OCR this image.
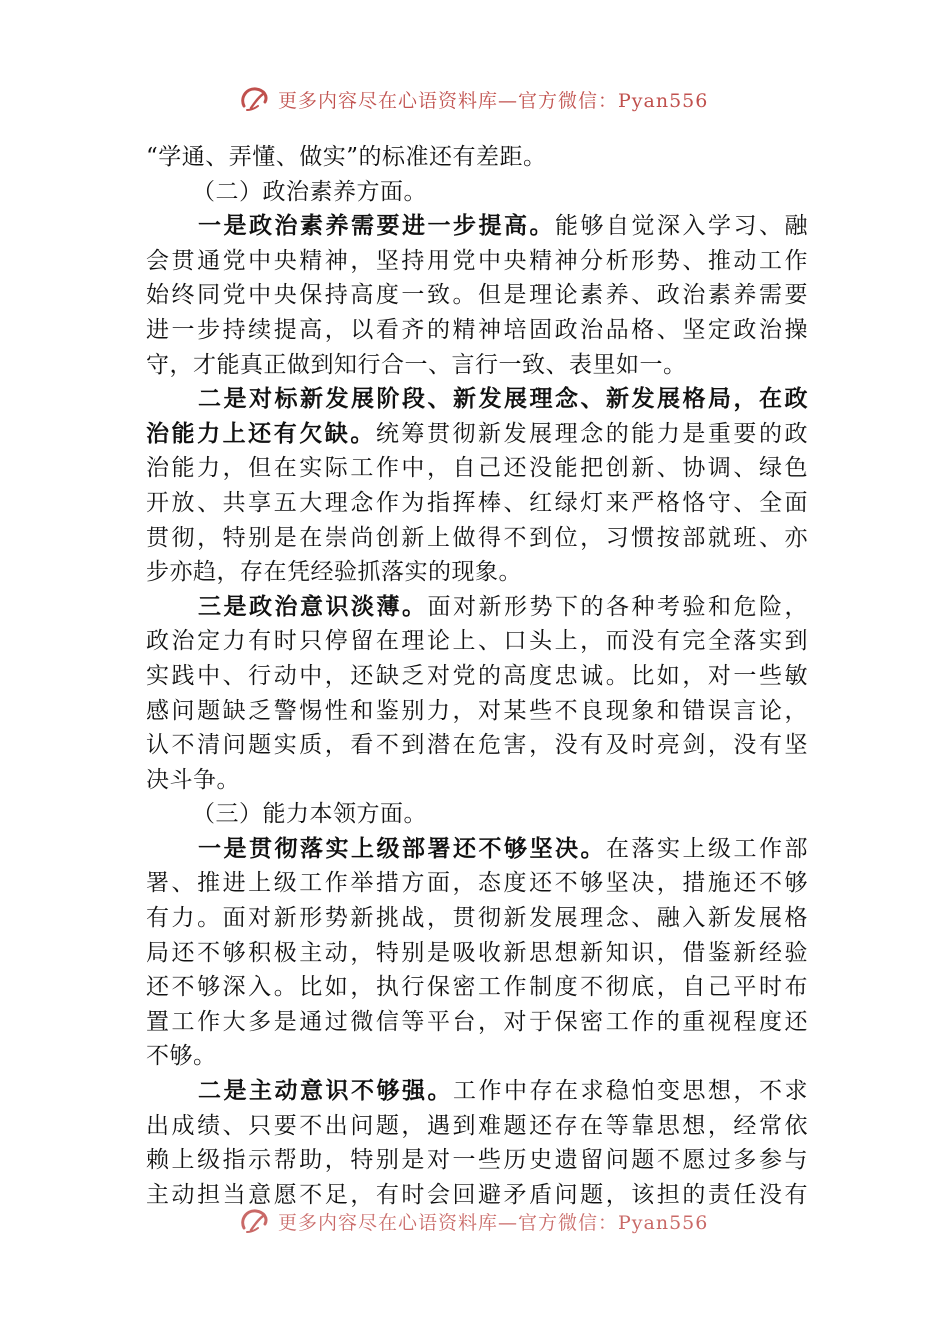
更多内容尽在心语资料库—官方微信：Pyan556
“学通、弄懂、做实”的标准还有差距。
（二）政治素养方面。
一是政治素养需要进一步提高。能够自觉深入学习、融
会贯通党中央精神，坚持用党中央精神分析形势、推动工作
始终同党中央保持高度一致。但是理论素养、政治素养需要
进一步持续提高，以看齐的精神培固政治品格、坚定政治操
守，才能真正做到知行合一、言行一致、表里如一。
二是对标新发展阶段、新发展理念、新发展格局，在政
治能力上还有欠缺。统筹贯彻新发展理念的能力是重要的政
治能力，但在实际工作中，自己还没能把创新、协调、绿色
开放、共享五大理念作为指挥棒、红绿灯来严格恪守、全面
贯彻，特别是在崇尚创新上做得不到位，习惯按部就班、亦
步亦趋，存在凭经验抓落实的现象。
三是政治意识淡薄。面对新形势下的各种考验和危险，
政治定力有时只停留在理论上、口头上，而没有完全落实到
实践中、行动中，还缺乏对党的高度忠诚。比如，对一些敏
感问题缺乏警惕性和鉴别力，对某些不良现象和错误言论，
认不清问题实质，看不到潜在危害，没有及时亮剑，没有坚
决斗争。
（三）能力本领方面。
一是贯彻落实上级部署还不够坚决。在落实上级工作部
署、推进上级工作举措方面，态度还不够坚决，措施还不够
有力。面对新形势新挑战，贯彻新发展理念、融入新发展格
局还不够积极主动，特别是吸收新思想新知识，借鉴新经验
还不够深入。比如，执行保密工作制度不彻底，自己平时布
置工作大多是通过微信等平台，对于保密工作的重视程度还
不够。
二是主动意识不够强。工作中存在求稳怕变思想，不求
出成绩、只要不出问题，遇到难题还存在等靠思想，经常依
赖上级指示帮助，特别是对一些历史遗留问题不愿过多参与
主动担当意愿不足，有时会回避矛盾问题，该担的责任没有
更多内容尽在心语资料库—官方微信：Pyan556
